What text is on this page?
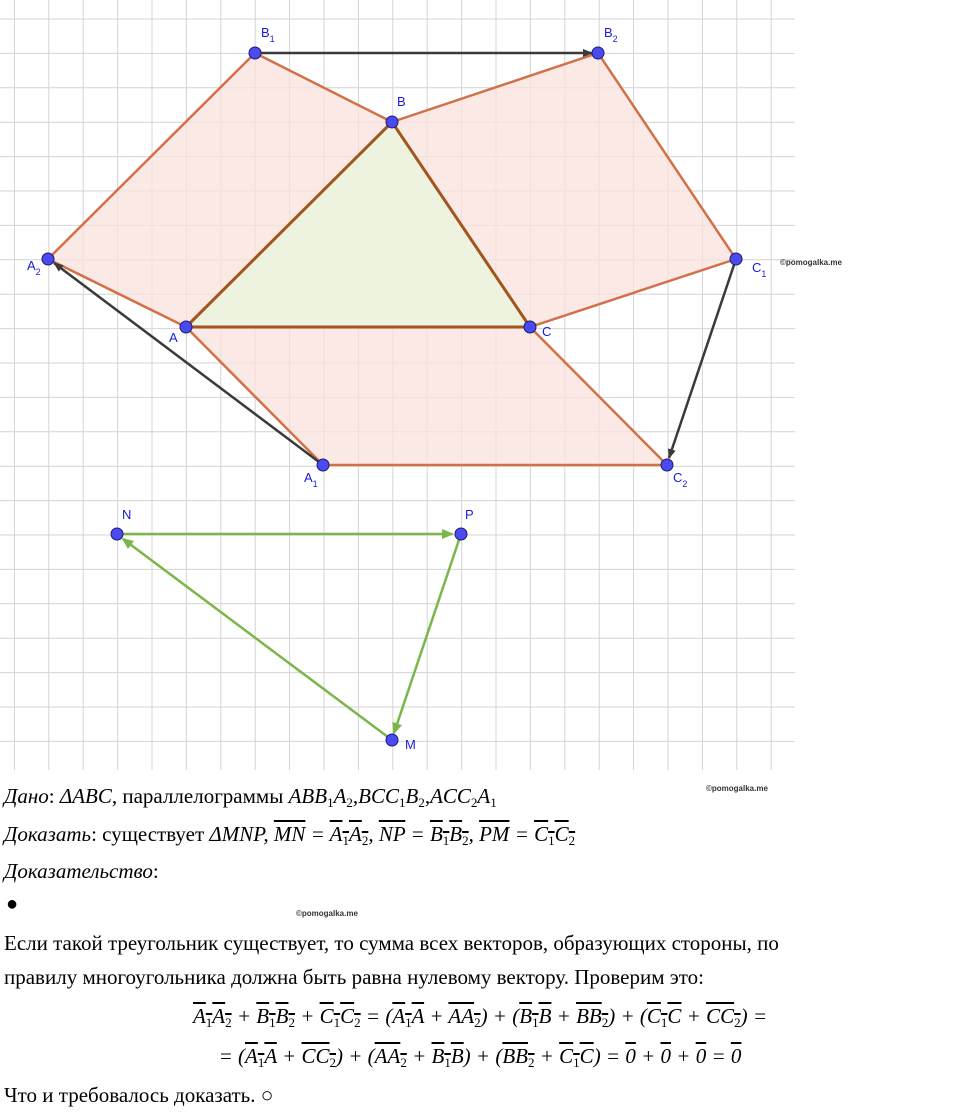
A
B
C
$A_1$
$A_2$
$B_1$	$B_2$
$C_1$
$C_2$
N	P
M
©pomogalka.me
Дано: ΔABC, параллелограммы $ABB_1A_2,BCC_1B_2,ACC_2A_1$
©pomogalka.me
Доказать: существует ΔMNP, $\overline{MN} = A_1A_2$, $\overline{NP} = B_1B_2$, $\overline{PM} = C_1C_2$
Доказательство:
●	©pomogalka.me
Если такой треугольник существует, то сумма всех векторов, образующих стороны, по
правилу многоугольника должна быть равна нулевому вектору. Проверим это:
$A_1A_2 + B_1B_2 + C_1C_2 = (A_1A + AA_2) + (B_1B + BB_2) + (C_1C + CC_2)$ =
= $(A_1A + CC_2) + (AA_2 + B_1B) + (BB_2 + C_1C) = 0 + 0 + 0 = 0$
Что и требовалось доказать. ○
